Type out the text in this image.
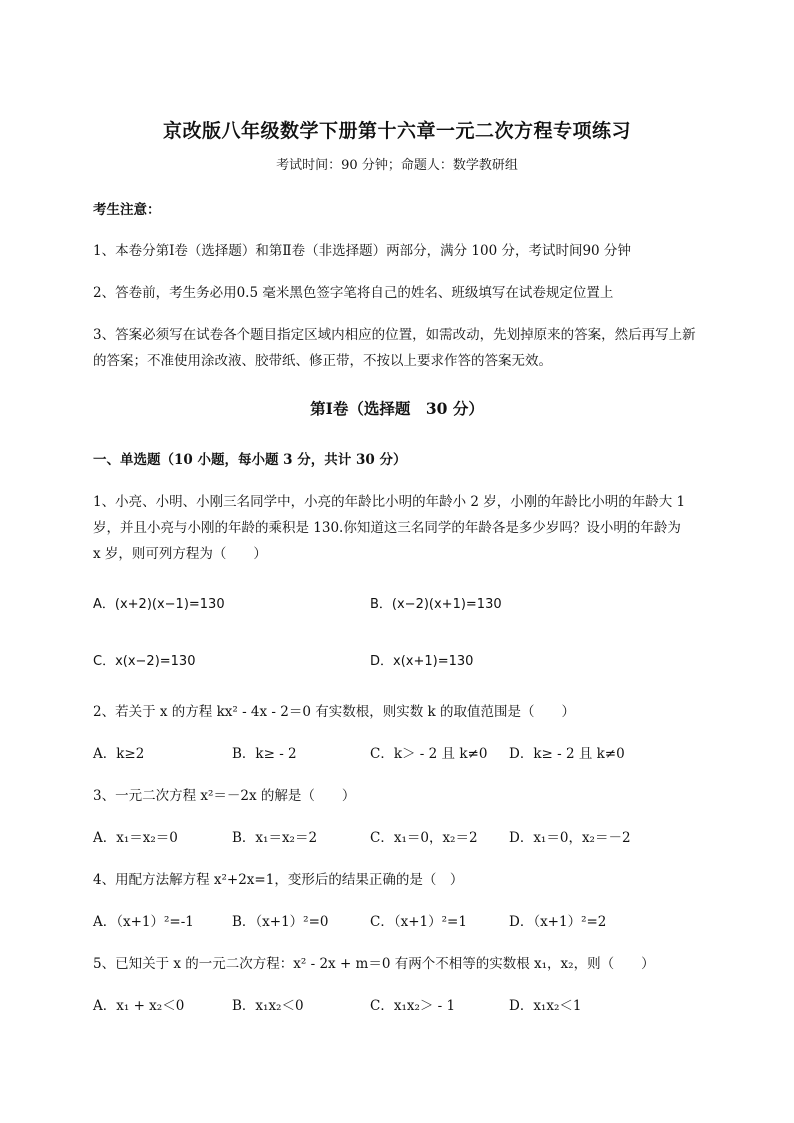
京改版八年级数学下册第十六章一元二次方程专项练习
考试时间：90 分钟；命题人：数学教研组
考生注意：
1、本卷分第Ⅰ卷（选择题）和第Ⅱ卷（非选择题）两部分，满分 100 分，考试时间90 分钟
2、答卷前，考生务必用0.5 毫米黑色签字笔将自己的姓名、班级填写在试卷规定位置上
3、答案必须写在试卷各个题目指定区域内相应的位置，如需改动，先划掉原来的答案，然后再写上新
的答案；不准使用涂改液、胶带纸、修正带，不按以上要求作答的答案无效。
第Ⅰ卷（选择题　30 分）
一、单选题（10 小题，每小题 3 分，共计 30 分）
1、小亮、小明、小刚三名同学中，小亮的年龄比小明的年龄小 2 岁，小刚的年龄比小明的年龄大 1
岁，并且小亮与小刚的年龄的乘积是 130.你知道这三名同学的年龄各是多少岁吗？设小明的年龄为
x 岁，则可列方程为（　　）
A．(x+2)(x−1)=130	B．(x−2)(x+1)=130
C．x(x−2)=130	D．x(x+1)=130
2、若关于 x 的方程 kx² - 4x - 2＝0 有实数根，则实数 k 的取值范围是（　　）
A．k≥2	B．k≥ - 2	C．k＞ - 2 且 k≠0 D．k≥ - 2 且 k≠0
3、一元二次方程 x²＝－2x 的解是（　　）
A．x₁＝x₂＝0	B．x₁＝x₂＝2	C．x₁＝0，x₂＝2 D．x₁＝0，x₂＝－2
4、用配方法解方程 x²+2x=1，变形后的结果正确的是（　）
A．（x+1）²=-1	B．（x+1）²=0	C．（x+1）²=1	D．（x+1）²=2
5、已知关于 x 的一元二次方程：x² - 2x + m＝0 有两个不相等的实数根 x₁，x₂，则（　　）
A．x₁ + x₂＜0	B．x₁x₂＜0	C．x₁x₂＞ - 1	D．x₁x₂＜1
